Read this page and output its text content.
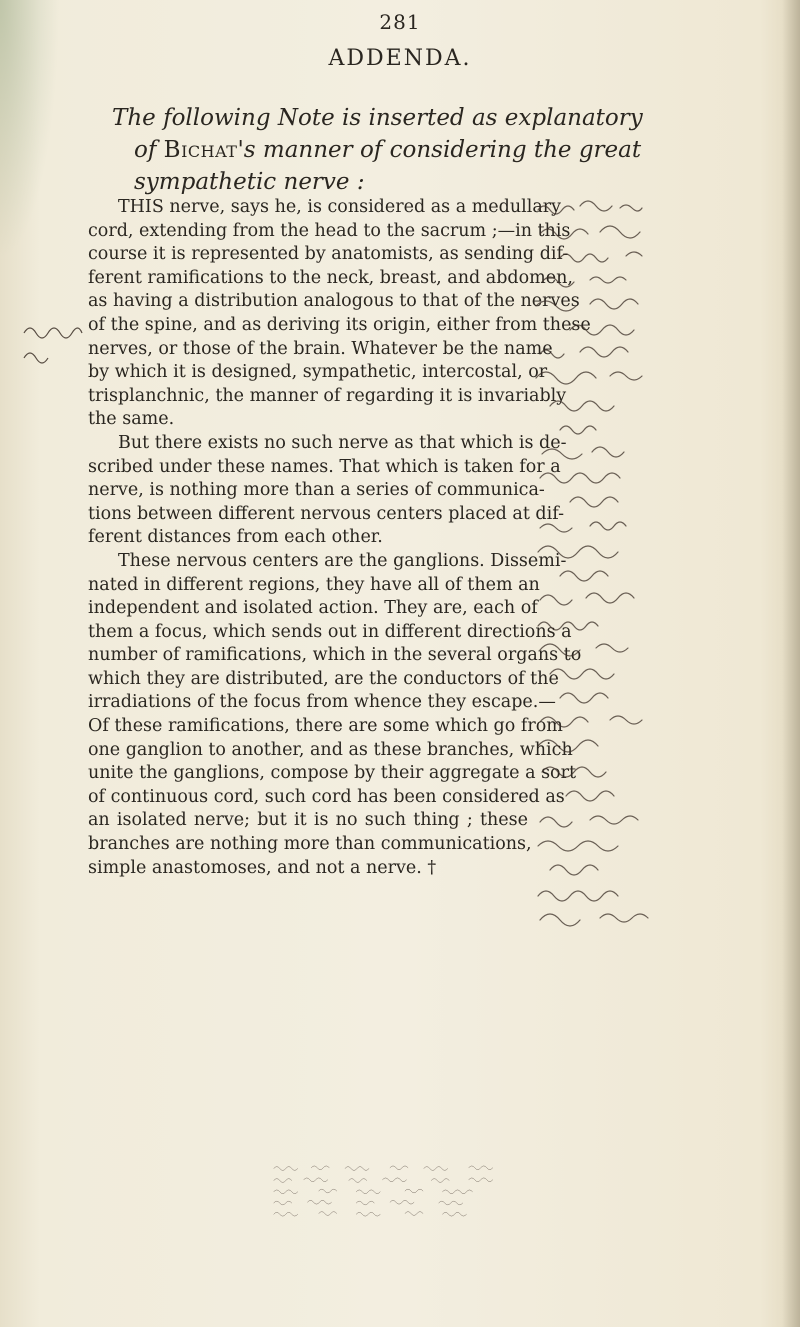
281
ADDENDA.
The following Note is inserted as explanatory
of Bichat's manner of considering the great
sympathetic nerve :

THIS nerve, says he, is considered as a medullary
cord, extending from the head to the sacrum ;—in this
course it is represented by anatomists, as sending dif-
ferent ramifications to the neck, breast, and abdomen,
as having a distribution analogous to that of the nerves
of the spine, and as deriving its origin, either from these
nerves, or those of the brain. Whatever be the name
by which it is designed, sympathetic, intercostal, or
trisplanchnic, the manner of regarding it is invariably
the same.

But there exists no such nerve as that which is de-
scribed under these names. That which is taken for a
nerve, is nothing more than a series of communica-
tions between different nervous centers placed at dif-
ferent distances from each other.

These nervous centers are the ganglions. Dissemi-
nated in different regions, they have all of them an
independent and isolated action. They are, each of
them a focus, which sends out in different directions a
number of ramifications, which in the several organs to
which they are distributed, are the conductors of the
irradiations of the focus from whence they escape.—
Of these ramifications, there are some which go from
one ganglion to another, and as these branches, which
unite the ganglions, compose by their aggregate a sort
of continuous cord, such cord has been considered as
an isolated nerve; but it is no such thing ; these
branches are nothing more than communications,
simple anastomoses, and not a nerve. †
